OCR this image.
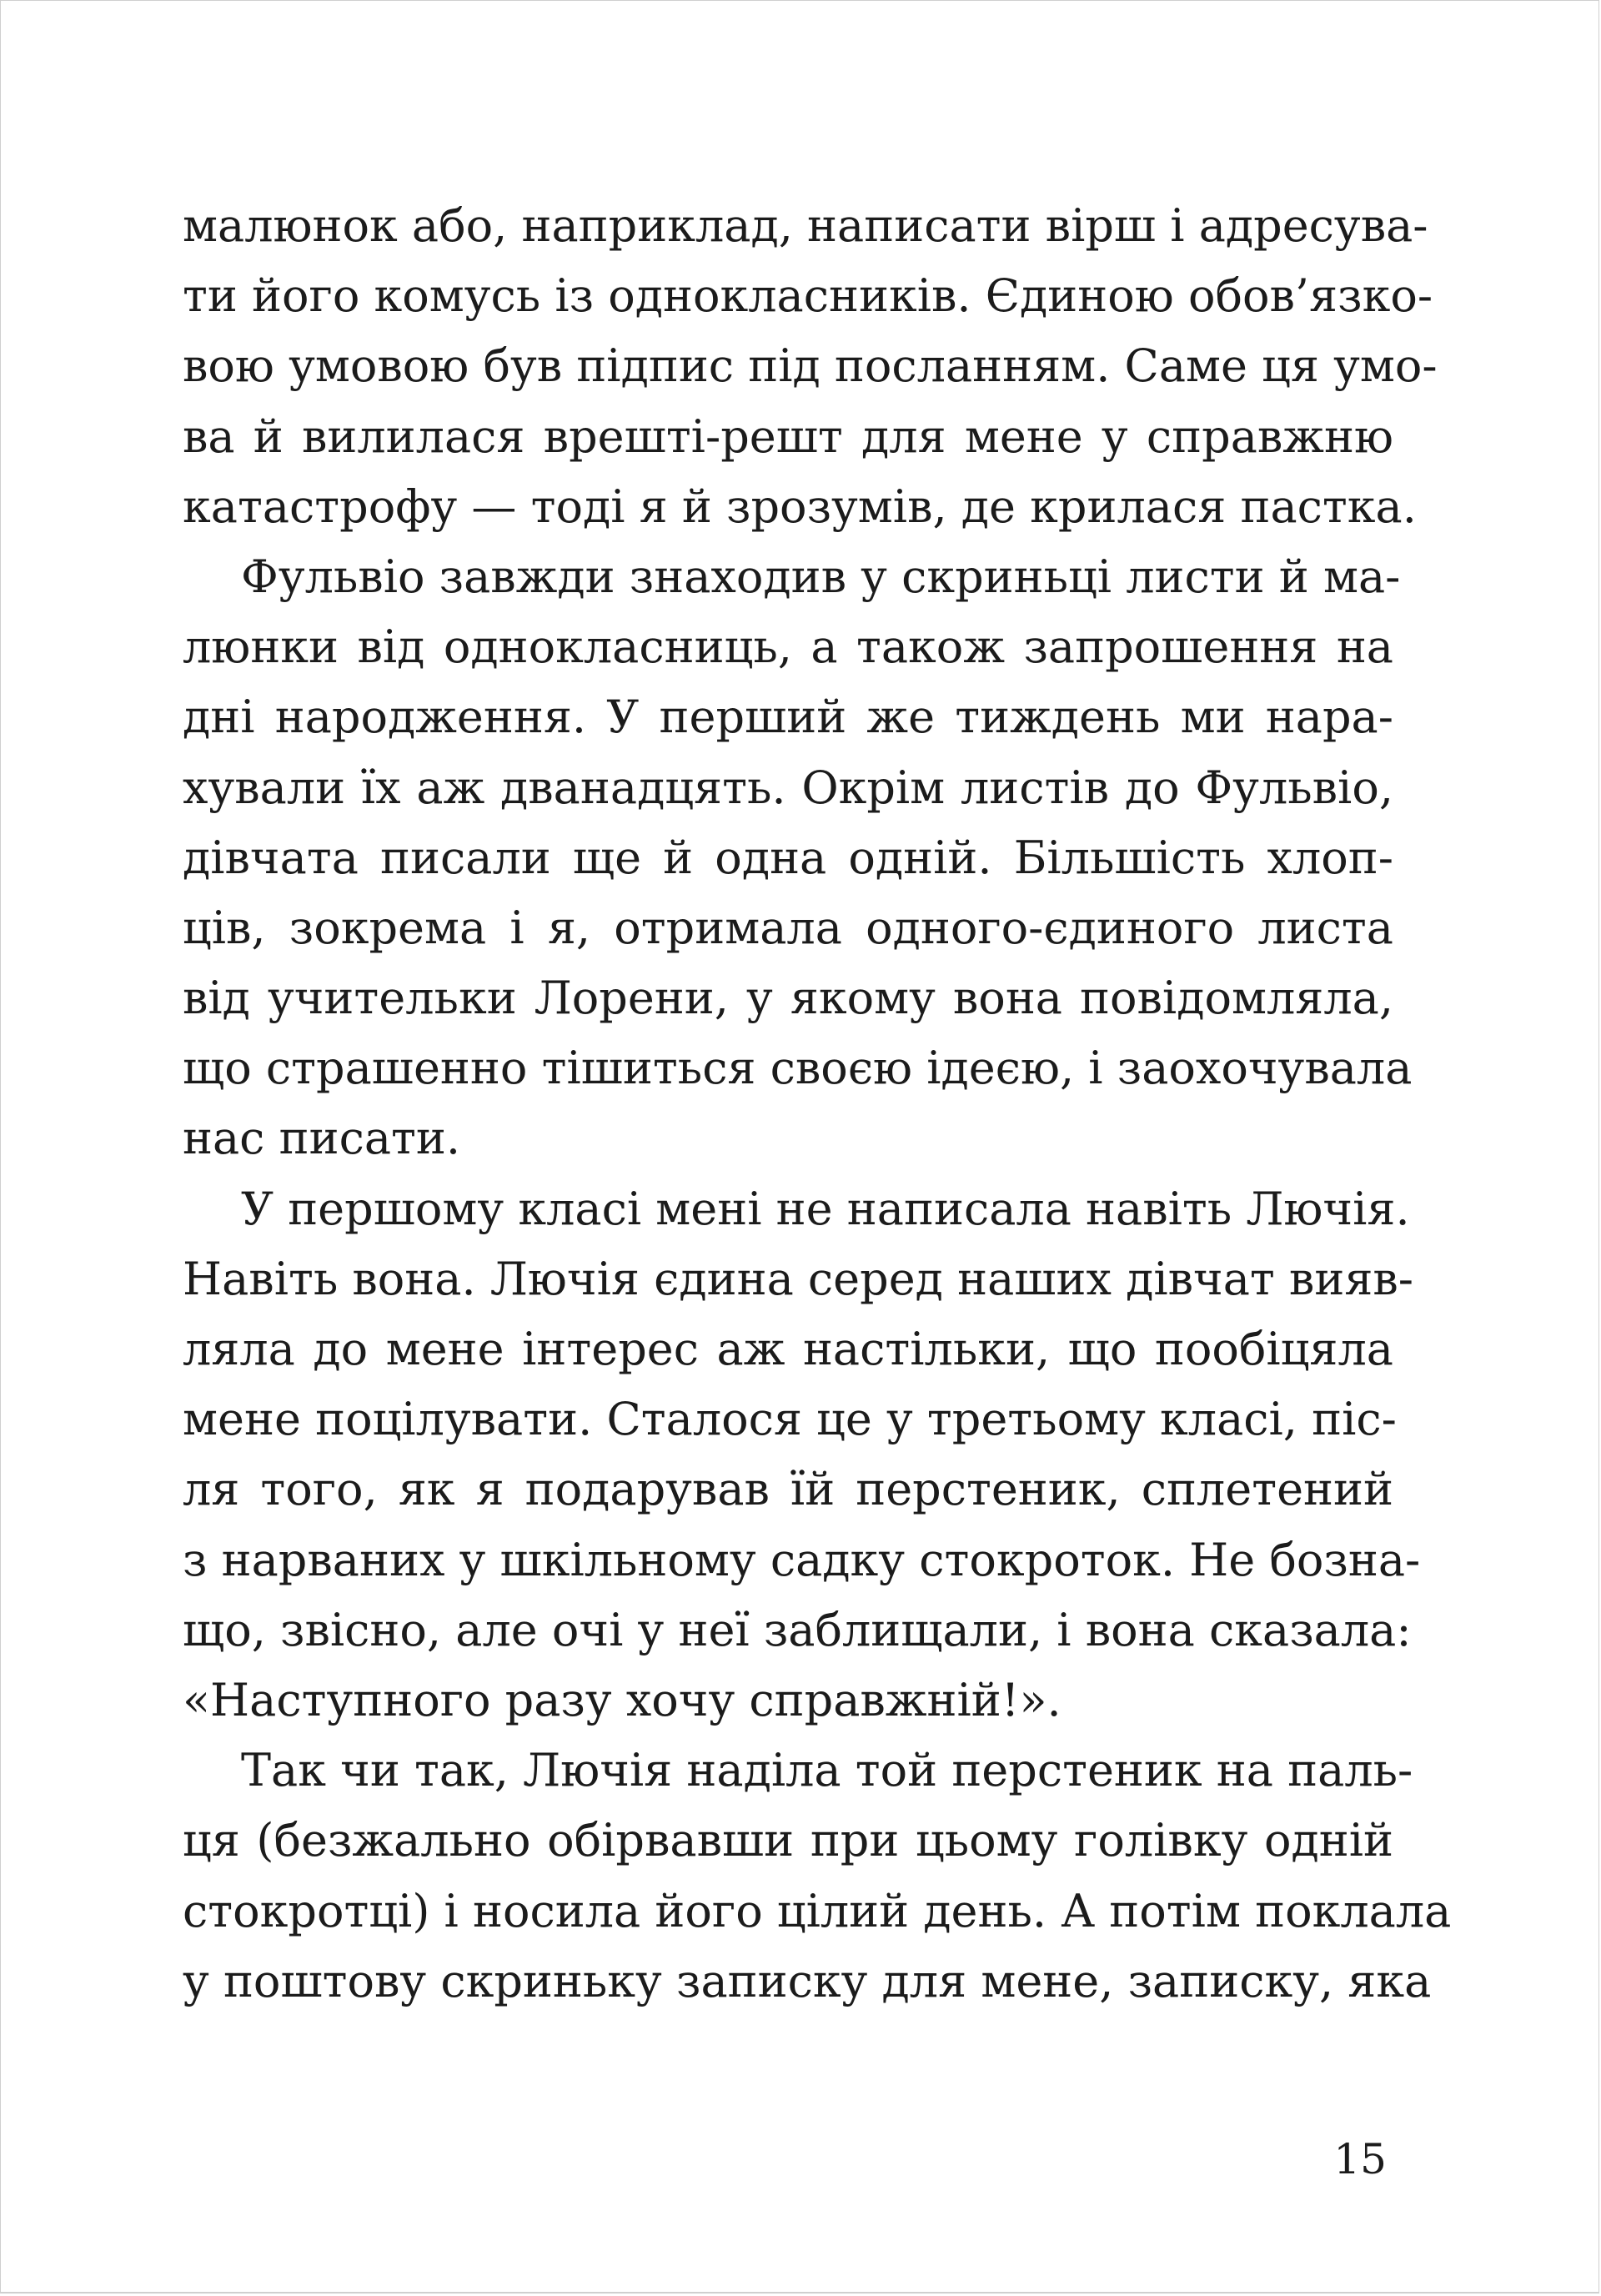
малюнок або, наприклад, написати вірш і адресува-
ти його комусь із однокласників. Єдиною обов’язко-
вою умовою був підпис під посланням. Саме ця умо-
ва й вилилася врешті-решт для мене у справжню
катастрофу — тоді я й зрозумів, де крилася пастка.
Фульвіо завжди знаходив у скриньці листи й ма-
люнки від однокласниць, а також запрошення на
дні народження. У перший же тиждень ми нара-
хували їх аж дванадцять. Окрім листів до Фульвіо,
дівчата писали ще й одна одній. Більшість хлоп-
ців, зокрема і я, отримала одного-єдиного листа
від учительки Лорени, у якому вона повідомляла,
що страшенно тішиться своєю ідеєю, і заохочувала
нас писати.
У першому класі мені не написала навіть Лючія.
Навіть вона. Лючія єдина серед наших дівчат вияв-
ляла до мене інтерес аж настільки, що пообіцяла
мене поцілувати. Сталося це у третьому класі, піс-
ля того, як я подарував їй перстеник, сплетений
з нарваних у шкільному садку стокроток. Не бозна-
що, звісно, але очі у неї заблищали, і вона сказала:
«Наступного разу хочу справжній!».
Так чи так, Лючія наділа той перстеник на паль-
ця (безжально обірвавши при цьому голівку одній
стокротці) і носила його цілий день. А потім поклала
у поштову скриньку записку для мене, записку, яка
15
